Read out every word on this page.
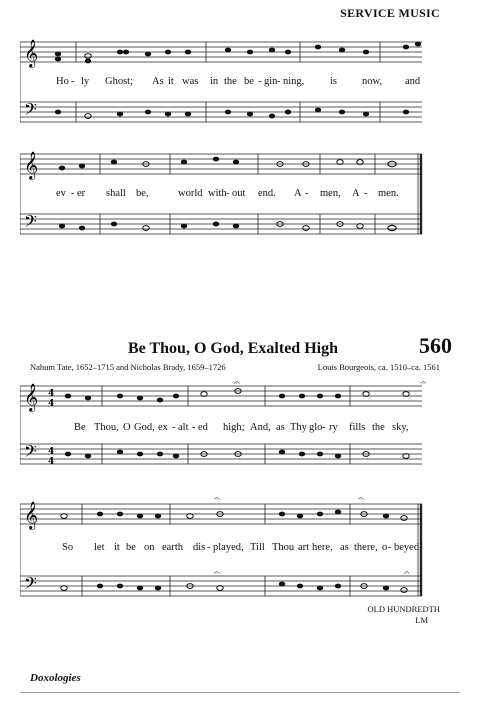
SERVICE MUSIC
𝄞
𝄢
Ho - ly Ghost; As it was in the be - gin - ning, is now, and
𝄞
𝄢
ev - er shall be,	world with - out end. A - men, A - men.
Be Thou, O God, Exalted High	560
Nahum Tate, 1652–1715 and Nicholas Brady, 1659–1726	Louis Bourgeois, ca. 1510–ca. 1561
𝄞
𝄢
4
4
4
4
𝄐	𝄐
Be Thou, O God, ex - alt - ed high; And, as Thy glo - ry fills the sky,
𝄞
𝄢
𝄐	𝄐
𝄐	𝄐
So let it be on earth dis - played, Till Thou art here, as there, o - beyed.
OLD HUNDREDTH
LM
Doxologies
